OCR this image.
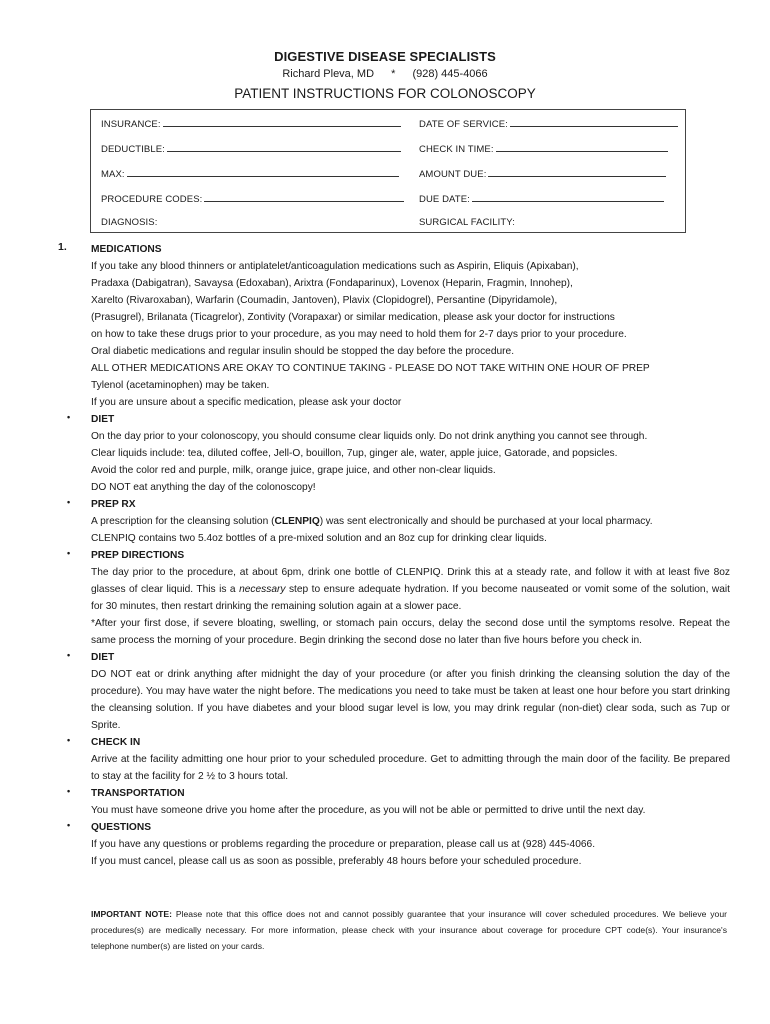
DIGESTIVE DISEASE SPECIALISTS
Richard Pleva, MD * (928) 445-4066
PATIENT INSTRUCTIONS FOR COLONOSCOPY
INSURANCE:	DATE OF SERVICE:
DEDUCTIBLE:	CHECK IN TIME:
MAX:	AMOUNT DUE:
PROCEDURE CODES:	DUE DATE:
DIAGNOSIS:	SURGICAL FACILITY:
1.	MEDICATIONS
If you take any blood thinners or antiplatelet/anticoagulation medications such as Aspirin, Eliquis (Apixaban),
Pradaxa (Dabigatran), Savaysa (Edoxaban), Arixtra (Fondaparinux), Lovenox (Heparin, Fragmin, Innohep),
Xarelto (Rivaroxaban), Warfarin (Coumadin, Jantoven), Plavix (Clopidogrel), Persantine (Dipyridamole),
(Prasugrel), Brilanata (Ticagrelor), Zontivity (Vorapaxar) or similar medication, please ask your doctor for instructions
on how to take these drugs prior to your procedure, as you may need to hold them for 2-7 days prior to your procedure.
Oral diabetic medications and regular insulin should be stopped the day before the procedure.
ALL OTHER MEDICATIONS ARE OKAY TO CONTINUE TAKING - PLEASE DO NOT TAKE WITHIN ONE HOUR OF PREP
Tylenol (acetaminophen) may be taken.
If you are unsure about a specific medication, please ask your doctor
•	DIET
On the day prior to your colonoscopy, you should consume clear liquids only. Do not drink anything you cannot see through.
Clear liquids include: tea, diluted coffee, Jell-O, bouillon, 7up, ginger ale, water, apple juice, Gatorade, and popsicles.
Avoid the color red and purple, milk, orange juice, grape juice, and other non-clear liquids.
DO NOT eat anything the day of the colonoscopy!
•	PREP RX
A prescription for the cleansing solution (CLENPIQ) was sent electronically and should be purchased at your local pharmacy.
CLENPIQ contains two 5.4oz bottles of a pre-mixed solution and an 8oz cup for drinking clear liquids.
•	PREP DIRECTIONS
The day prior to the procedure, at about 6pm, drink one bottle of CLENPIQ. Drink this at a steady rate, and follow it with at least five 8oz glasses of clear liquid. This is a necessary step to ensure adequate hydration. If you become nauseated or vomit some of the solution, wait for 30 minutes, then restart drinking the remaining solution again at a slower pace.
*After your first dose, if severe bloating, swelling, or stomach pain occurs, delay the second dose until the symptoms resolve. Repeat the same process the morning of your procedure. Begin drinking the second dose no later than five hours before you check in.
•	DIET
DO NOT eat or drink anything after midnight the day of your procedure (or after you finish drinking the cleansing solution the day of the procedure). You may have water the night before. The medications you need to take must be taken at least one hour before you start drinking the cleansing solution. If you have diabetes and your blood sugar level is low, you may drink regular (non-diet) clear soda, such as 7up or Sprite.
•	CHECK IN
Arrive at the facility admitting one hour prior to your scheduled procedure. Get to admitting through the main door of the facility. Be prepared to stay at the facility for 2 ½ to 3 hours total.
•	TRANSPORTATION
You must have someone drive you home after the procedure, as you will not be able or permitted to drive until the next day.
•	QUESTIONS
If you have any questions or problems regarding the procedure or preparation, please call us at (928) 445-4066.
If you must cancel, please call us as soon as possible, preferably 48 hours before your scheduled procedure.
IMPORTANT NOTE: Please note that this office does not and cannot possibly guarantee that your insurance will cover scheduled procedures. We believe your procedures(s) are medically necessary. For more information, please check with your insurance about coverage for procedure CPT code(s). Your insurance's telephone number(s) are listed on your cards.
